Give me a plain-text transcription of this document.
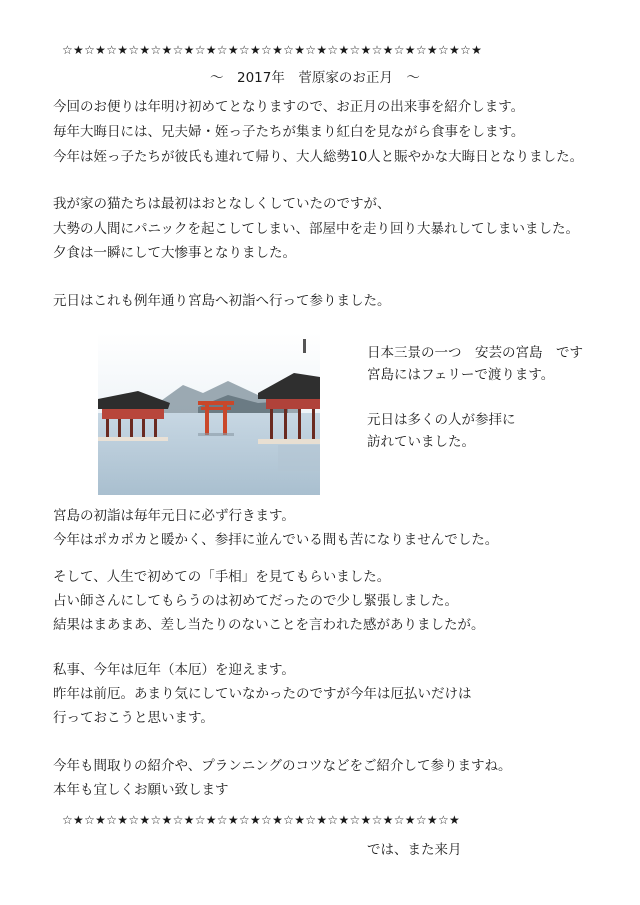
☆★☆★☆★☆★☆★☆★☆★☆★☆★☆★☆★☆★☆★☆★☆★☆★☆★☆★☆★
～　2017年　菅原家のお正月　～
今回のお便りは年明け初めてとなりますので、お正月の出来事を紹介します。
毎年大晦日には、兄夫婦・姪っ子たちが集まり紅白を見ながら食事をします。
今年は姪っ子たちが彼氏も連れて帰り、大人総勢10人と賑やかな大晦日となりました。
我が家の猫たちは最初はおとなしくしていたのですが、
大勢の人間にパニックを起こしてしまい、部屋中を走り回り大暴れしてしまいました。
夕食は一瞬にして大惨事となりました。
元日はこれも例年通り宮島へ初詣へ行って参りました。
日本三景の一つ　安芸の宮島　です
宮島にはフェリーで渡ります。
元日は多くの人が参拝に
訪れていました。
宮島の初詣は毎年元日に必ず行きます。
今年はポカポカと暖かく、参拝に並んでいる間も苦になりませんでした。
そして、人生で初めての「手相」を見てもらいました。
占い師さんにしてもらうのは初めてだったので少し緊張しました。
結果はまあまあ、差し当たりのないことを言われた感がありましたが。
私事、今年は厄年（本厄）を迎えます。
昨年は前厄。あまり気にしていなかったのですが今年は厄払いだけは
行っておこうと思います。
今年も間取りの紹介や、プランニングのコツなどをご紹介して参りますね。
本年も宜しくお願い致します
☆★☆★☆★☆★☆★☆★☆★☆★☆★☆★☆★☆★☆★☆★☆★☆★☆★☆★
では、また来月
